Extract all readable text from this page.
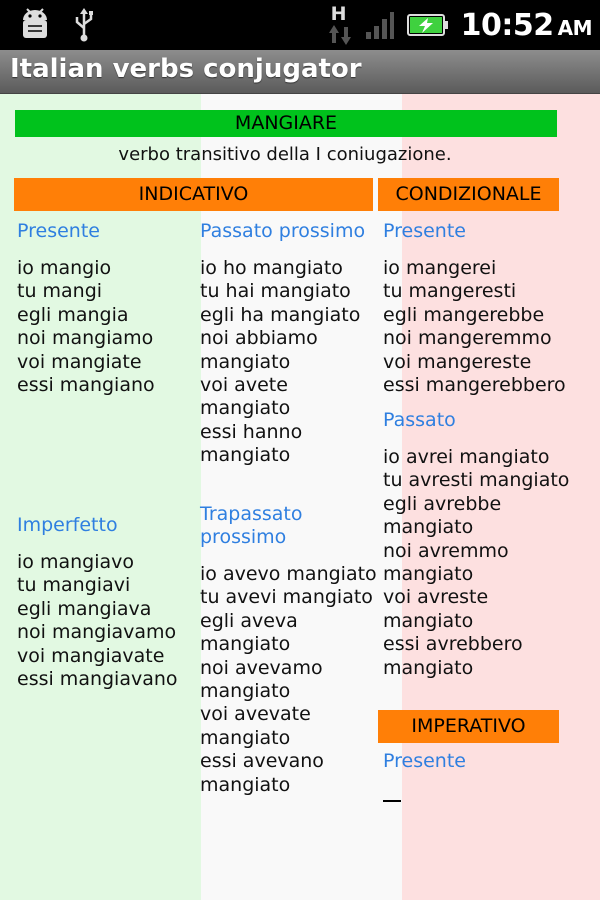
H	10:52 AM
Italian verbs conjugator
MANGIARE
verbo transitivo della I coniugazione.
INDICATIVO	CONDIZIONALE
IMPERATIVO
Presente
io mangio
tu mangi
egli mangia
noi mangiamo
voi mangiate
essi mangiano
Passato prossimo
io ho mangiato
tu hai mangiato
egli ha mangiato
noi abbiamo
mangiato
voi avete
mangiato
essi hanno
mangiato
Presente
io mangerei
tu mangeresti
egli mangerebbe
noi mangeremmo
voi mangereste
essi mangerebbero
Passato
io avrei mangiato
tu avresti mangiato
egli avrebbe
mangiato
noi avremmo
mangiato
voi avreste
mangiato
essi avrebbero
mangiato
Imperfetto
io mangiavo
tu mangiavi
egli mangiava
noi mangiavamo
voi mangiavate
essi mangiavano
Trapassato
prossimo
io avevo mangiato
tu avevi mangiato
egli aveva
mangiato
noi avevamo
mangiato
voi avevate
mangiato
essi avevano
mangiato
Presente
